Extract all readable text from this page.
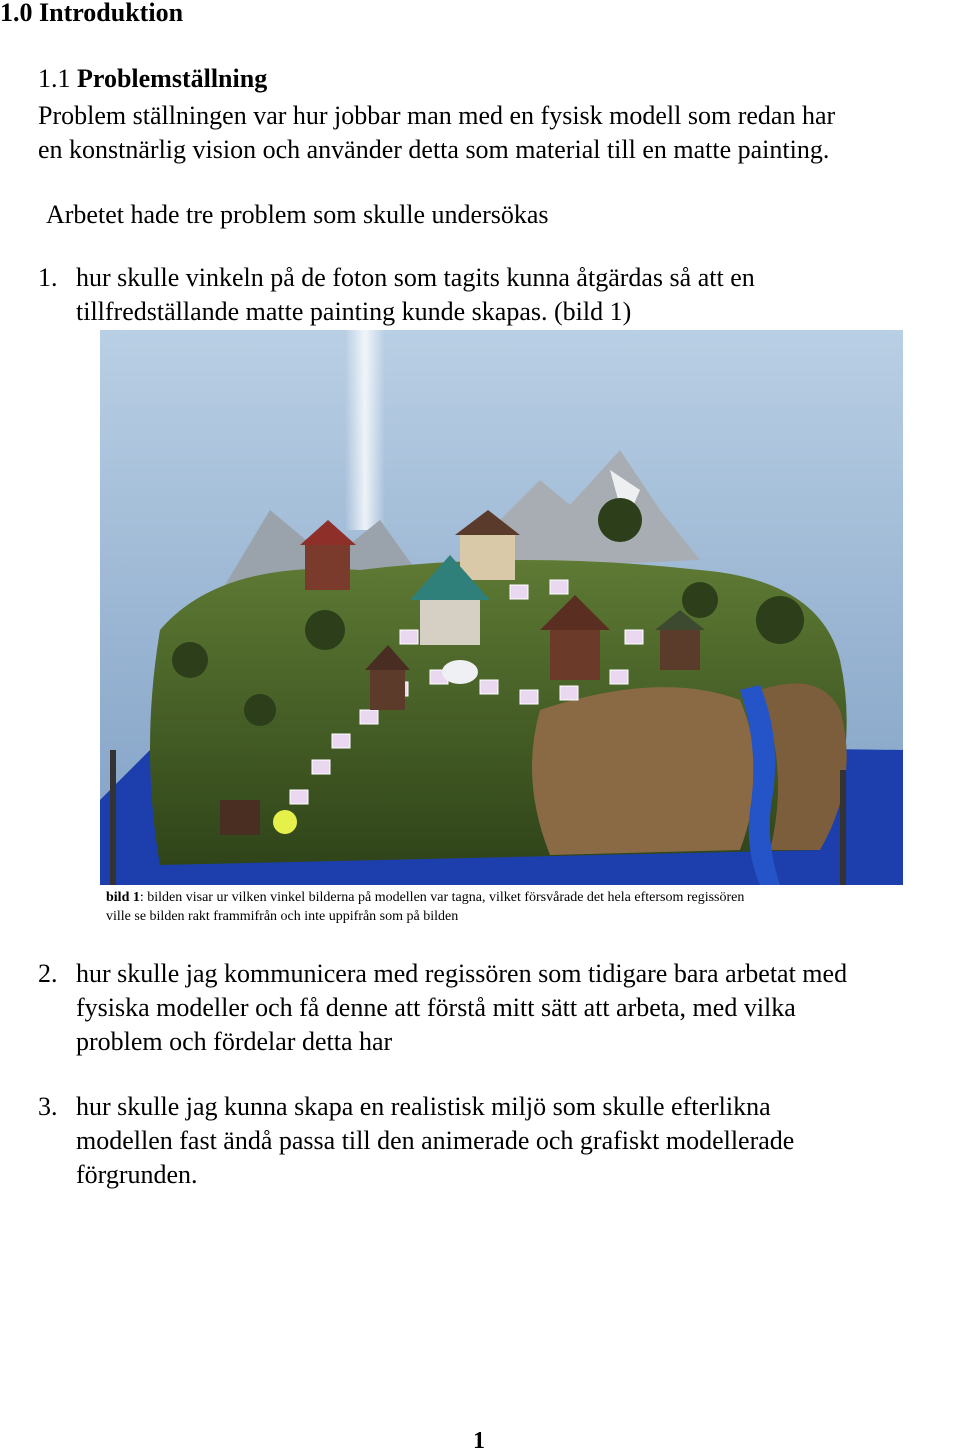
1.0 Introduktion
1.1 Problemställning
Problem ställningen var hur jobbar man med en fysisk modell som redan har
en konstnärlig vision och använder detta som material till en matte painting.
Arbetet hade tre problem som skulle undersökas
1. hur skulle vinkeln på de foton som tagits kunna åtgärdas så att en
tillfredställande matte painting kunde skapas. (bild 1)
bild 1: bilden visar ur vilken vinkel bilderna på modellen var tagna, vilket försvårade det hela eftersom regissören
ville se bilden rakt frammifrån och inte uppifrån som på bilden
2. hur skulle jag kommunicera med regissören som tidigare bara arbetat med
fysiska modeller och få denne att förstå mitt sätt att arbeta, med vilka
problem och fördelar detta har
3. hur skulle jag kunna skapa en realistisk miljö som skulle efterlikna
modellen fast ändå passa till den animerade och grafiskt modellerade
förgrunden.
1
